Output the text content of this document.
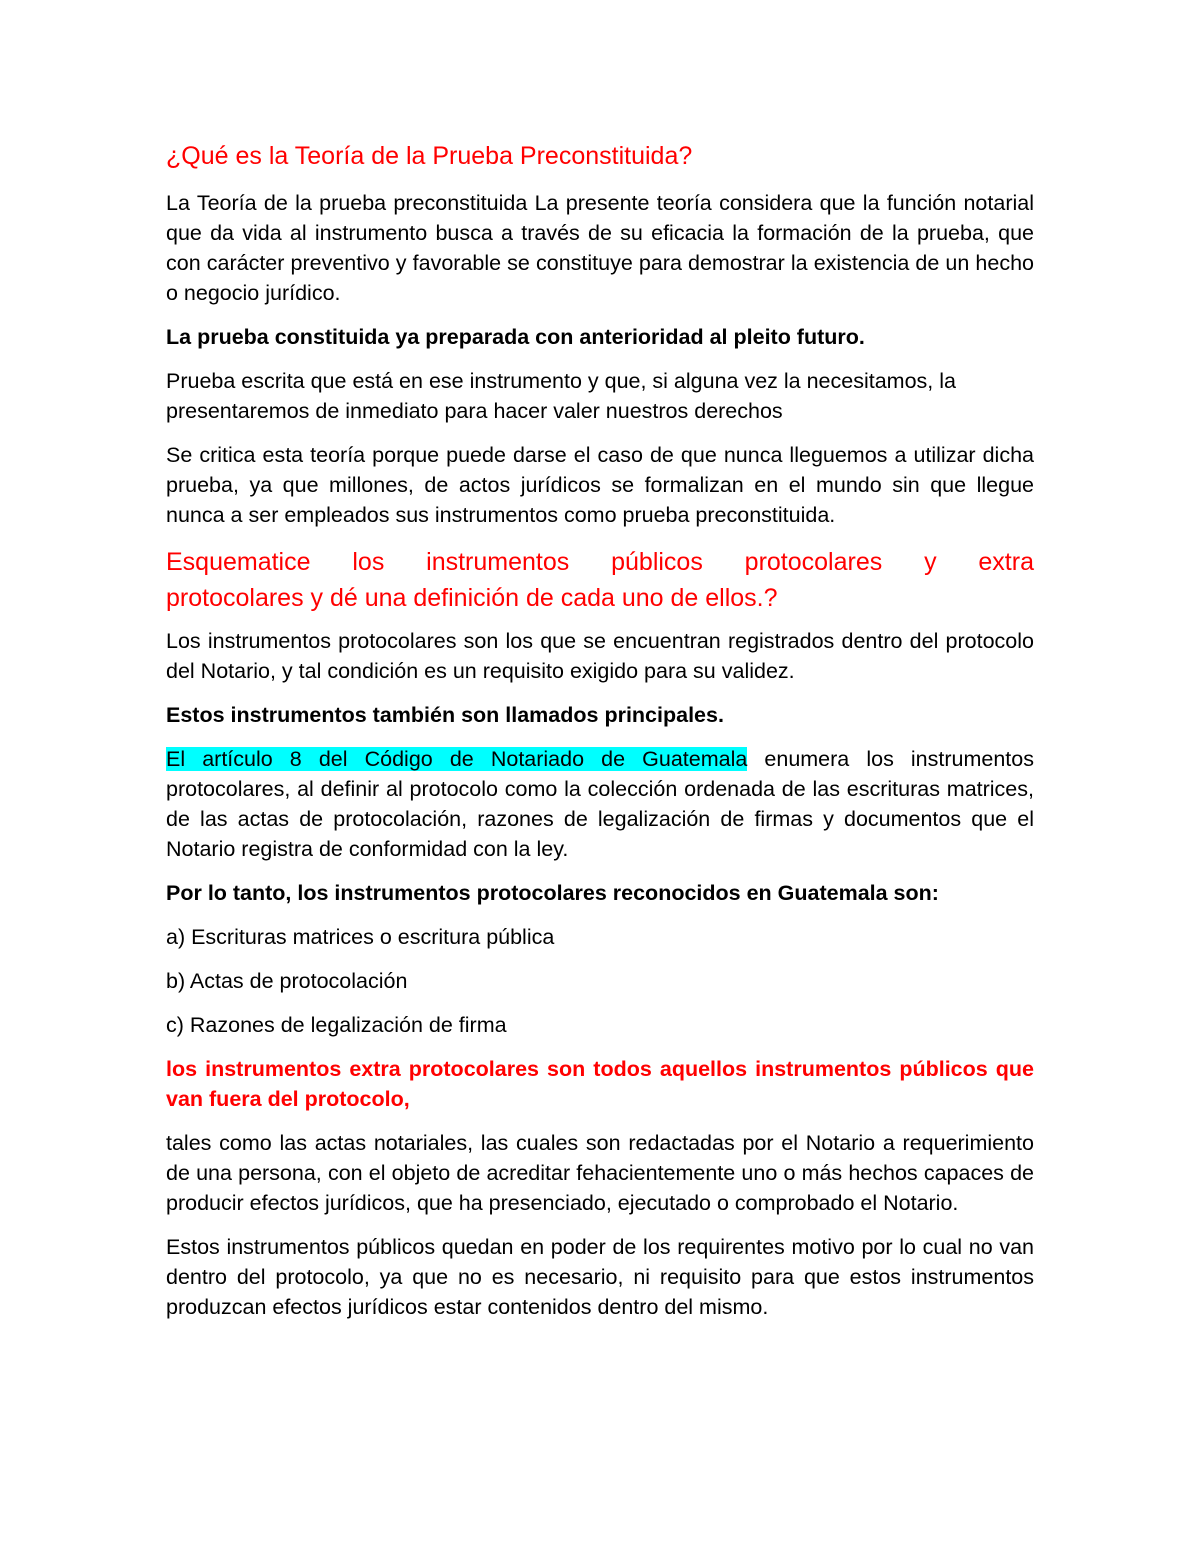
¿Qué es la Teoría de la Prueba Preconstituida?

La Teoría de la prueba preconstituida La presente teoría considera que la función notarial que da vida al instrumento busca a través de su eficacia la formación de la prueba, que con carácter preventivo y favorable se constituye para demostrar la existencia de un hecho o negocio jurídico.

La prueba constituida ya preparada con anterioridad al pleito futuro.

Prueba escrita que está en ese instrumento y que, si alguna vez la necesitamos, la presentaremos de inmediato para hacer valer nuestros derechos

Se critica esta teoría porque puede darse el caso de que nunca lleguemos a utilizar dicha prueba, ya que millones, de actos jurídicos se formalizan en el mundo sin que llegue nunca a ser empleados sus instrumentos como prueba preconstituida.

Esquematice los instrumentos públicos protocolares y extra
protocolares y dé una definición de cada uno de ellos.?

Los instrumentos protocolares son los que se encuentran registrados dentro del protocolo del Notario, y tal condición es un requisito exigido para su validez.

Estos instrumentos también son llamados principales.

El artículo 8 del Código de Notariado de Guatemala enumera los instrumentos protocolares, al definir al protocolo como la colección ordenada de las escrituras matrices, de las actas de protocolación, razones de legalización de firmas y documentos que el Notario registra de conformidad con la ley.

Por lo tanto, los instrumentos protocolares reconocidos en Guatemala son:

a) Escrituras matrices o escritura pública
b) Actas de protocolación
c) Razones de legalización de firma

los instrumentos extra protocolares son todos aquellos instrumentos públicos que van fuera del protocolo,

tales como las actas notariales, las cuales son redactadas por el Notario a requerimiento de una persona, con el objeto de acreditar fehacientemente uno o más hechos capaces de producir efectos jurídicos, que ha presenciado, ejecutado o comprobado el Notario.

Estos instrumentos públicos quedan en poder de los requirentes motivo por lo cual no van dentro del protocolo, ya que no es necesario, ni requisito para que estos instrumentos produzcan efectos jurídicos estar contenidos dentro del mismo.
